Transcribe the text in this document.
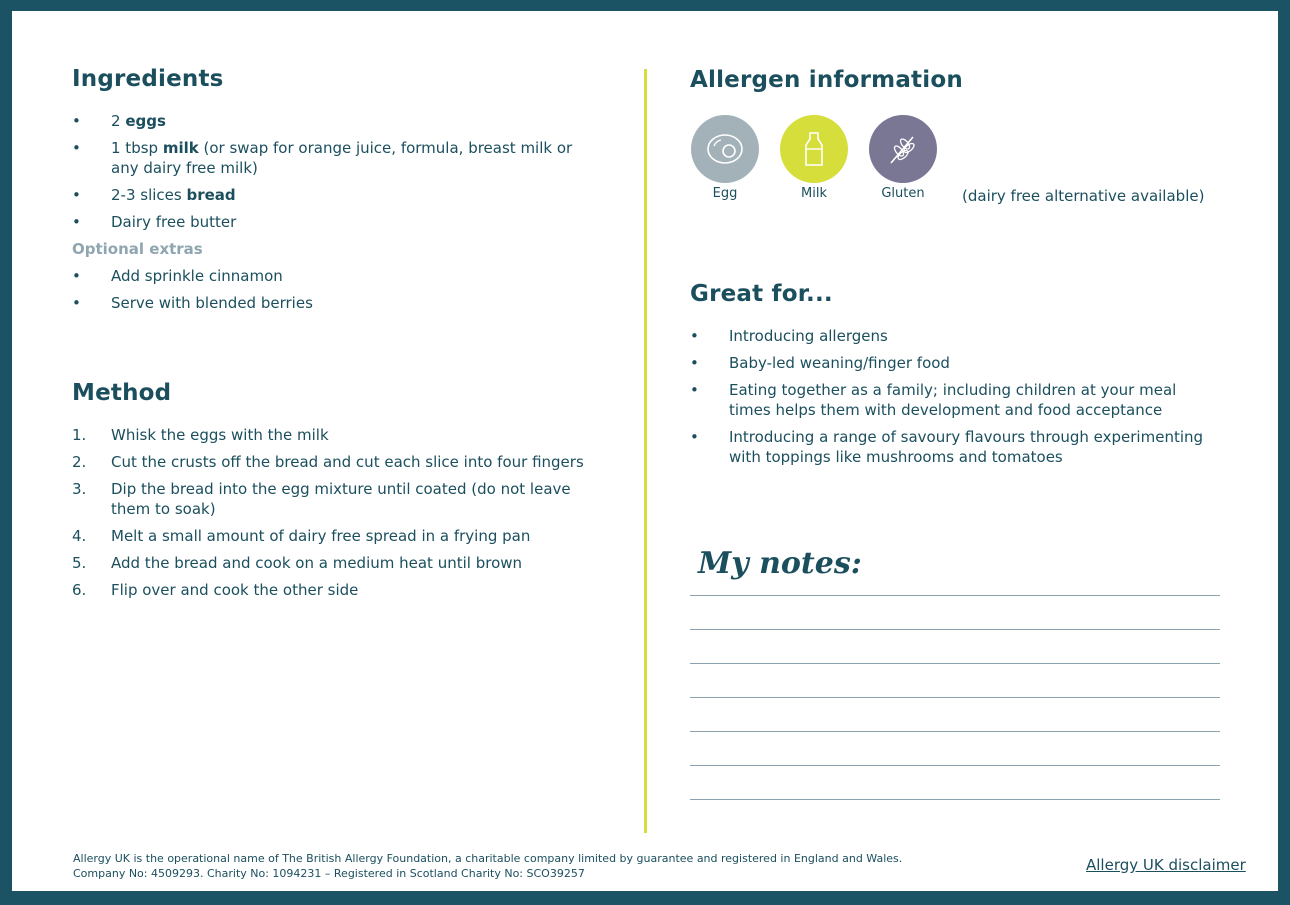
Ingredients
• 2 eggs
• 1 tbsp milk (or swap for orange juice, formula, breast milk or any dairy free milk)
• 2-3 slices bread
• Dairy free butter
Optional extras
• Add sprinkle cinnamon
• Serve with blended berries
Method
1. Whisk the eggs with the milk
2. Cut the crusts off the bread and cut each slice into four fingers
3. Dip the bread into the egg mixture until coated (do not leave them to soak)
4. Melt a small amount of dairy free spread in a frying pan
5. Add the bread and cook on a medium heat until brown
6. Flip over and cook the other side
Allergen information
Egg	Milk	Gluten	(dairy free alternative available)
Great for...
• Introducing allergens
• Baby-led weaning/finger food
• Eating together as a family; including children at your meal times helps them with development and food acceptance
• Introducing a range of savoury flavours through experimenting with toppings like mushrooms and tomatoes
My notes:
Allergy UK is the operational name of The British Allergy Foundation, a charitable company limited by guarantee and registered in England and Wales.
Company No: 4509293. Charity No: 1094231 – Registered in Scotland Charity No: SCO39257	Allergy UK disclaimer
